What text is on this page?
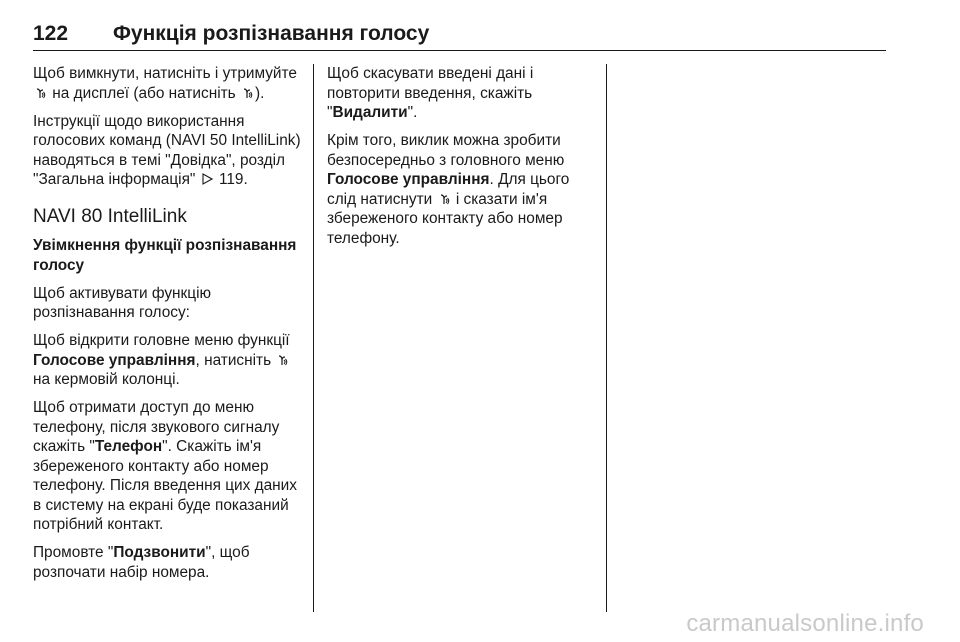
122	Функція розпізнавання голосу

Щоб вимкнути, натисніть і утримуйте  на дисплеї (або натисніть ).

Інструкції щодо використання голосових команд (NAVI 50 IntelliLink) наводяться в темі "Довідка", розділ "Загальна інформація" 119.

NAVI 80 IntelliLink

Увімкнення функції розпізнавання голосу

Щоб активувати функцію розпізнавання голосу:

Щоб відкрити головне меню функції Голосове управління, натисніть  на кермовій колонці.

Щоб отримати доступ до меню телефону, після звукового сигналу скажіть "Телефон". Скажіть ім'я збереженого контакту або номер телефону. Після введення цих даних в систему на екрані буде показаний потрібний контакт.

Промовте "Подзвонити", щоб розпочати набір номера.

Щоб скасувати введені дані і повторити введення, скажіть "Видалити".

Крім того, виклик можна зробити безпосередньо з головного меню Голосове управління. Для цього слід натиснути і сказати ім'я збереженого контакту або номер телефону.

carmanualsonline.info
